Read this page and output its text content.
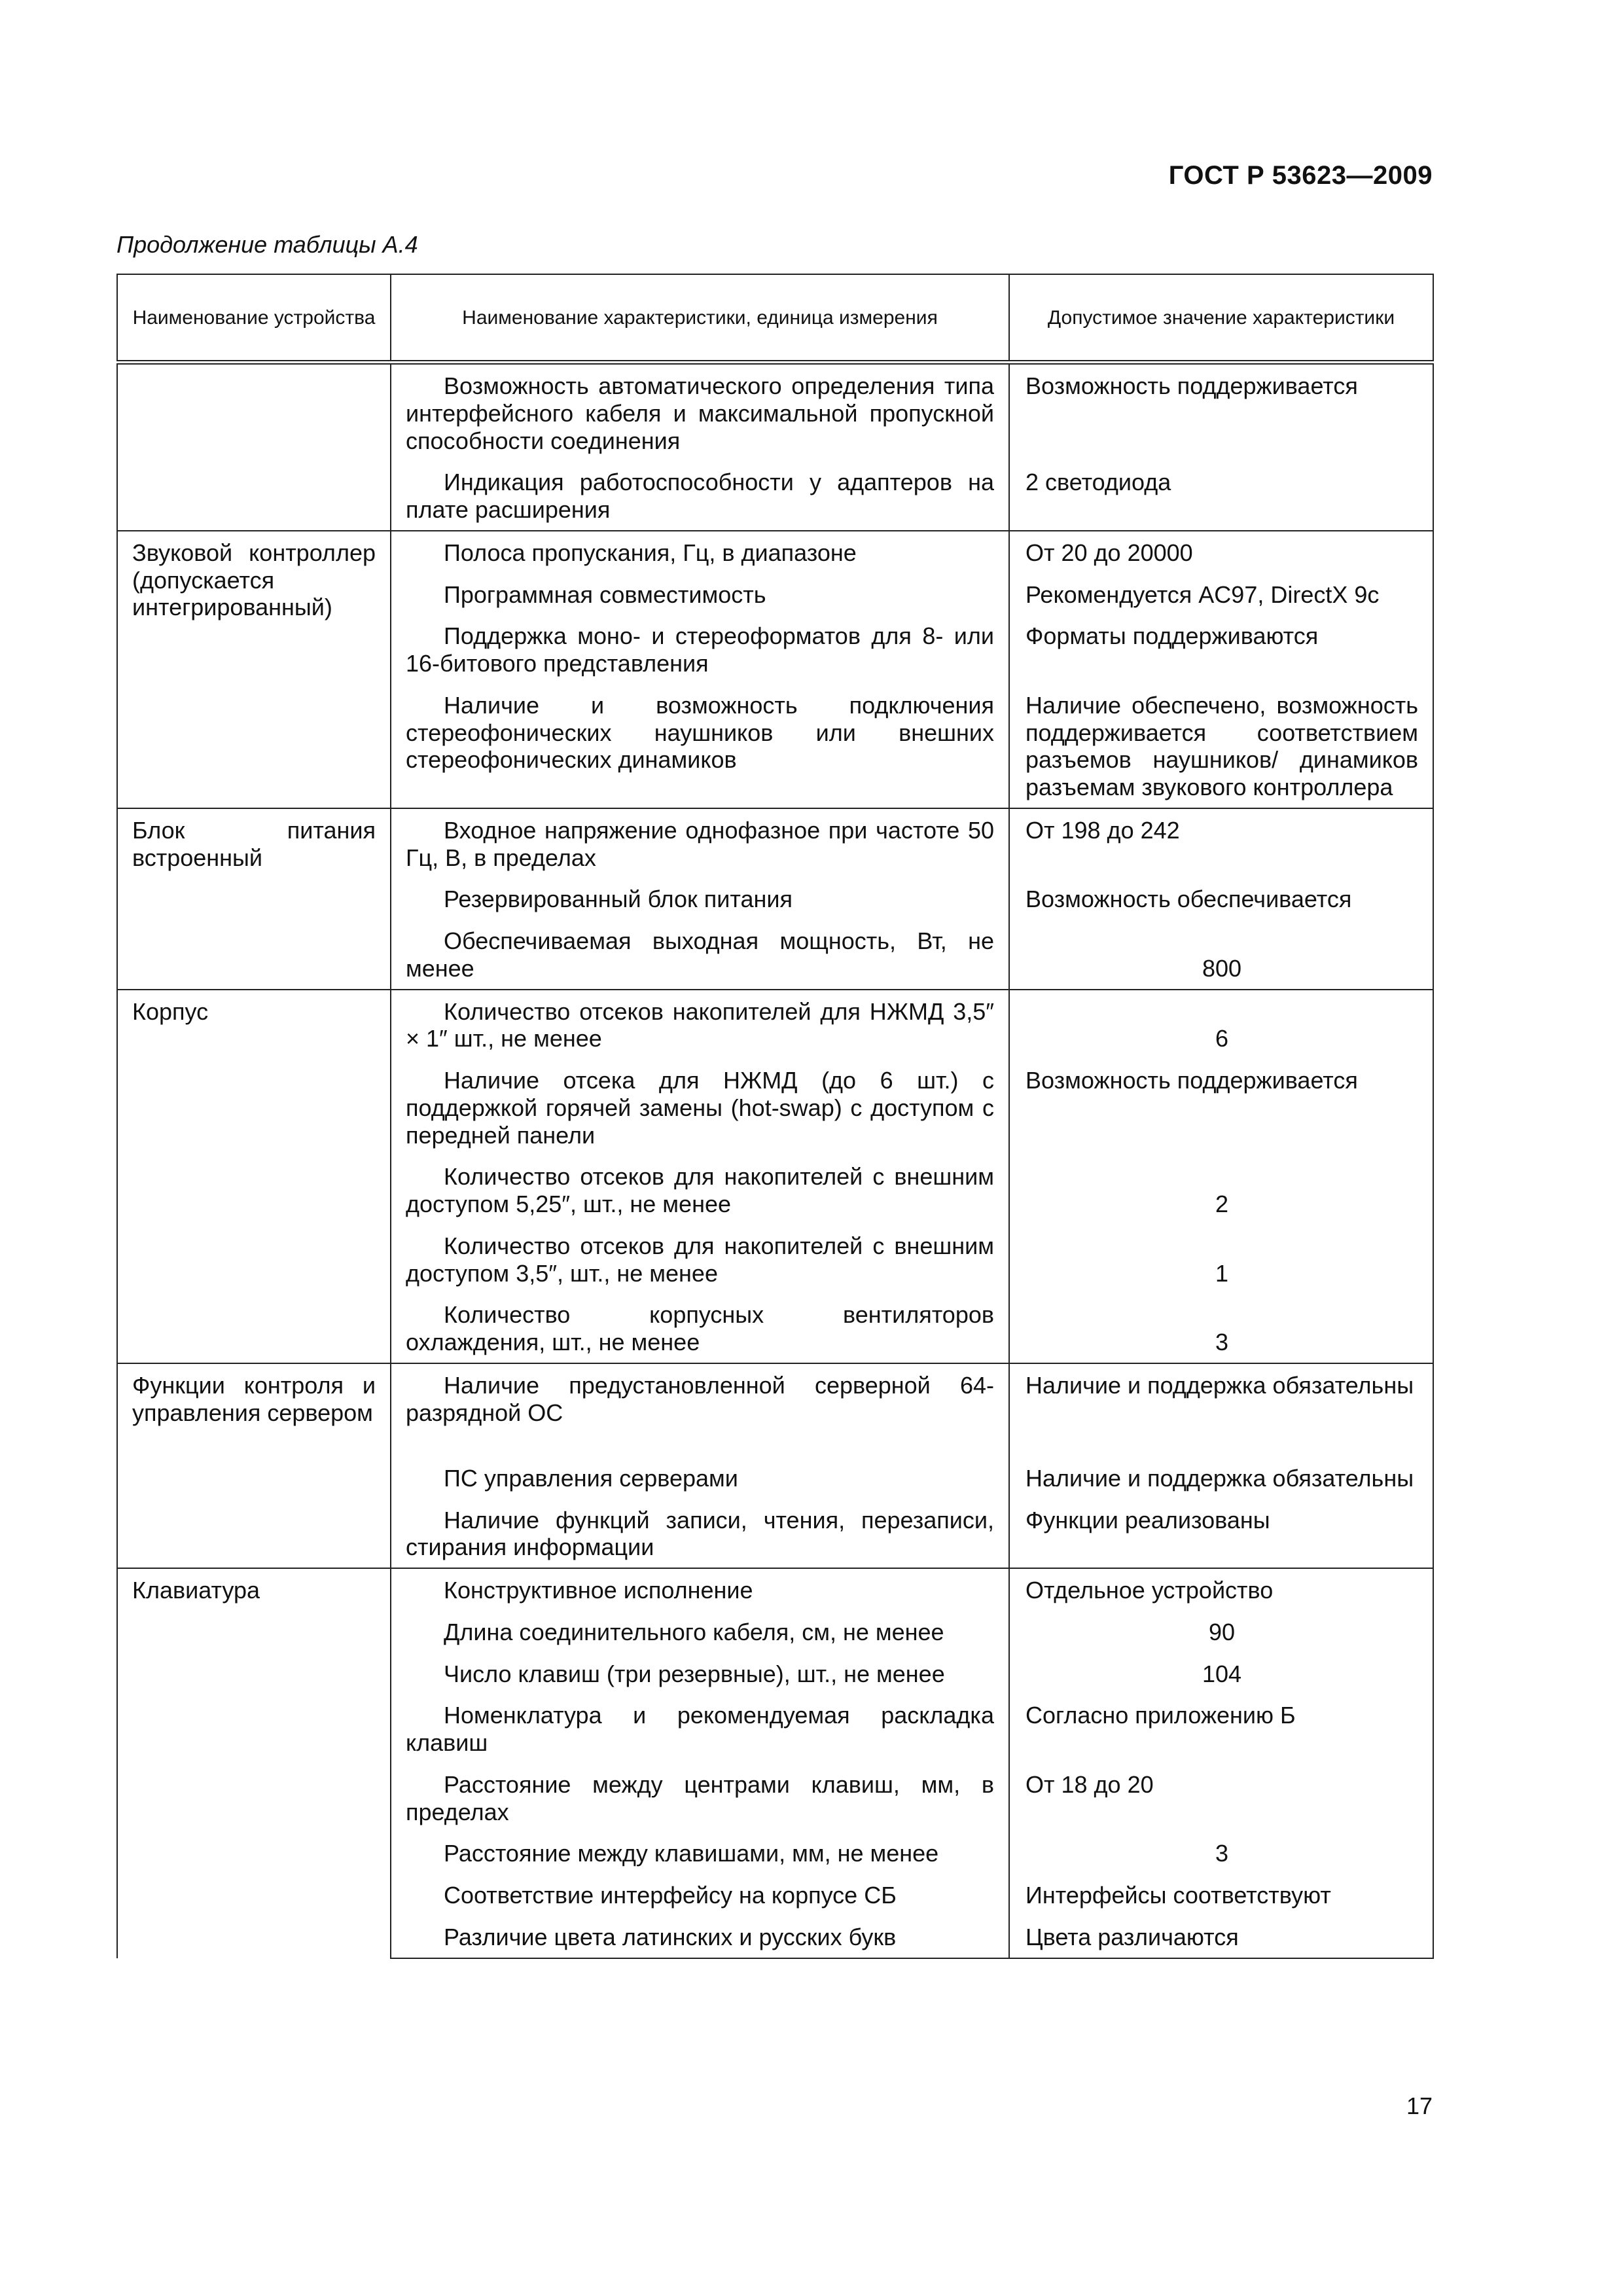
ГОСТ Р 53623—2009
Продолжение таблицы А.4
Наименование устройства	Наименование характеристики, единица измерения	Допустимое значение характеристики

	Возможность автоматического определения типа интерфейсного кабеля и максимальной пропускной способности соединения	Возможность поддерживается

	Индикация работоспособности у адаптеров на плате расширения	2 светодиода
Звуковой контроллер (допускается интегрированный)	Полоса пропускания, Гц, в диапазоне	От 20 до 20000

	Программная совместимость	Рекомендуется AC97, DirectX 9c

	Поддержка моно- и стереоформатов для 8- или 16-битового представления	Форматы поддерживаются

	Наличие и возможность подключения стереофонических наушников или внешних стереофонических динамиков	Наличие обеспечено, возможность поддерживается соответствием разъемов наушников/ динамиков разъемам звукового контроллера
Блок питания встроенный	Входное напряжение однофазное при частоте 50 Гц, В, в пределах	От 198 до 242

	Резервированный блок питания	Возможность обеспечивается

	Обеспечиваемая выходная мощность, Вт, не менее	800
Корпус	Количество отсеков накопителей для НЖМД 3,5″ × 1″ шт., не менее	6

	Наличие отсека для НЖМД (до 6 шт.) с поддержкой горячей замены (hot-swap) с доступом с передней панели	Возможность поддерживается

	Количество отсеков для накопителей с внешним доступом 5,25″, шт., не менее	2

	Количество отсеков для накопителей с внешним доступом 3,5″, шт., не менее	1

	Количество корпусных вентиляторов охлаждения, шт., не менее	3
Функции контроля и управления сервером	Наличие предустановленной серверной 64-разрядной ОС	Наличие и поддержка обязательны

	ПС управления серверами	Наличие и поддержка обязательны

	Наличие функций записи, чтения, перезаписи, стирания информации	Функции реализованы
Клавиатура	Конструктивное исполнение	Отдельное устройство

	Длина соединительного кабеля, см, не менее	90

	Число клавиш (три резервные), шт., не менее	104

	Номенклатура и рекомендуемая раскладка клавиш	Согласно приложению Б

	Расстояние между центрами клавиш, мм, в пределах	От 18 до 20

	Расстояние между клавишами, мм, не менее	3

	Соответствие интерфейсу на корпусе СБ	Интерфейсы соответствуют

	Различие цвета латинских и русских букв	Цвета различаются
17
